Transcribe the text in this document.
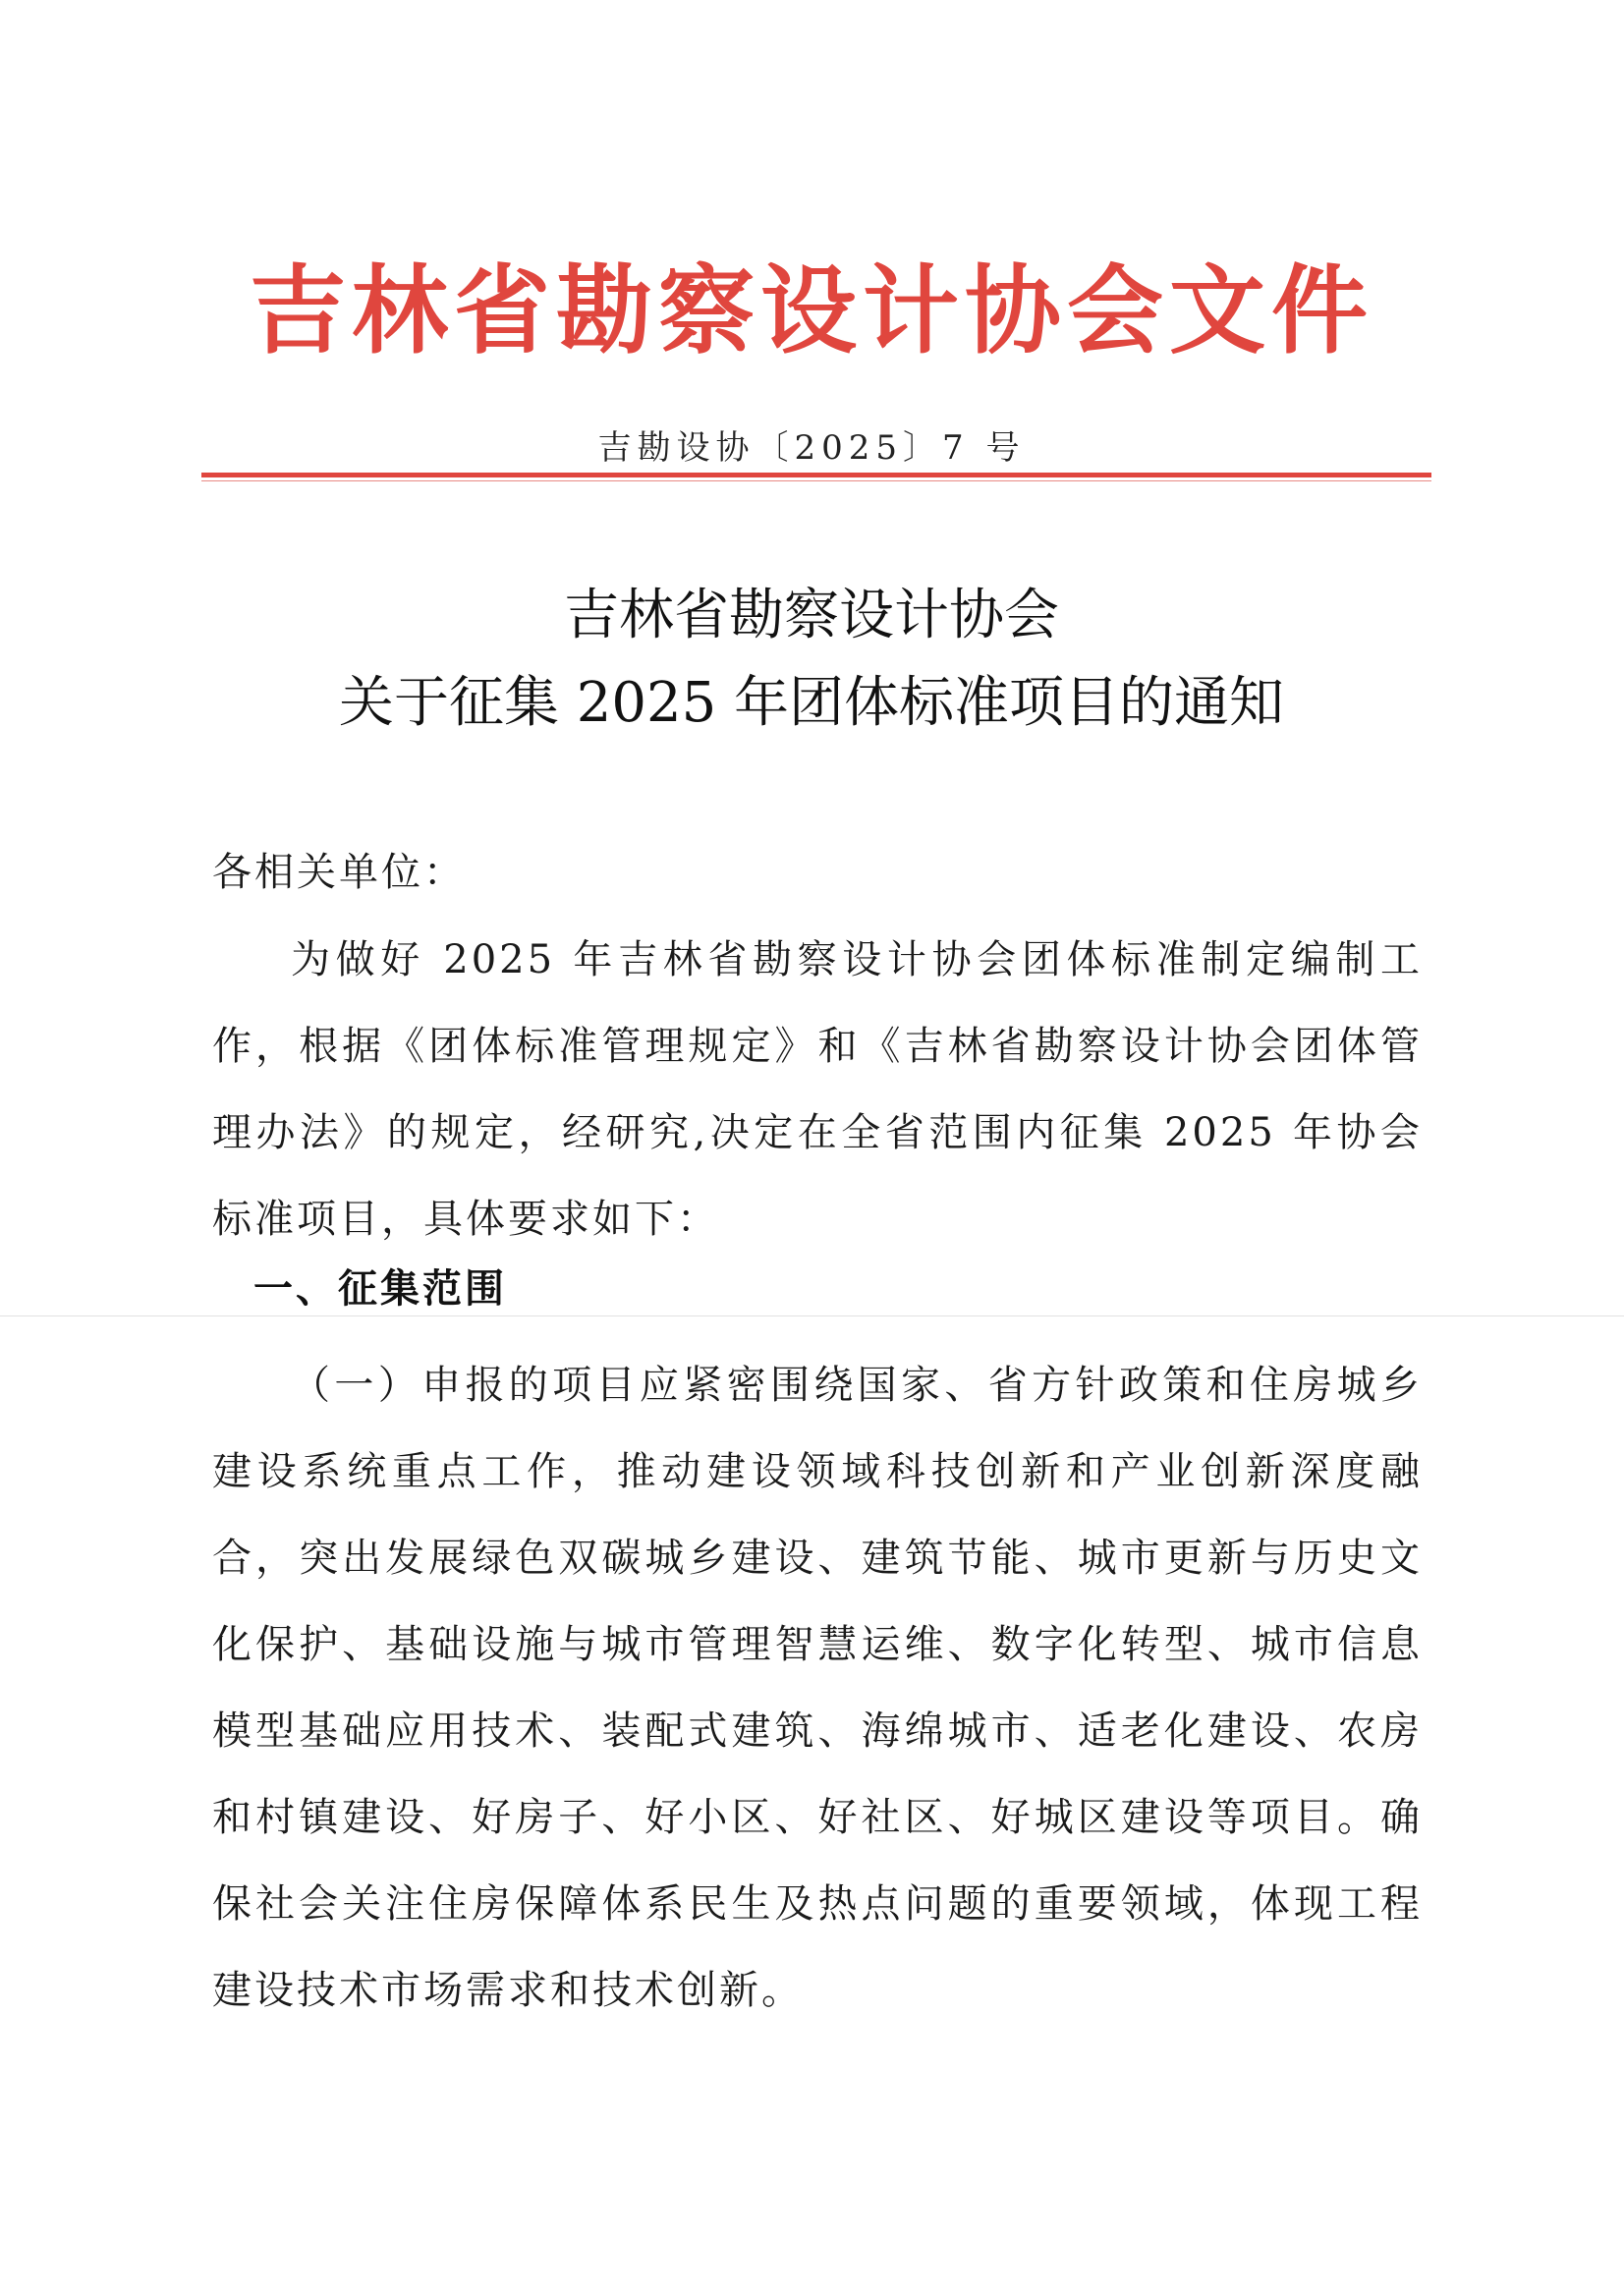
吉林省勘察设计协会文件
吉勘设协〔2025〕7 号
吉林省勘察设计协会
关于征集 2025 年团体标准项目的通知
各相关单位：
为做好 2025 年吉林省勘察设计协会团体标准制定编制工作，根据《团体标准管理规定》和《吉林省勘察设计协会团体管理办法》的规定，经研究,决定在全省范围内征集 2025 年协会标准项目，具体要求如下：
一、征集范围
（一）申报的项目应紧密围绕国家、省方针政策和住房城乡建设系统重点工作，推动建设领域科技创新和产业创新深度融合，突出发展绿色双碳城乡建设、建筑节能、城市更新与历史文化保护、基础设施与城市管理智慧运维、数字化转型、城市信息模型基础应用技术、装配式建筑、海绵城市、适老化建设、农房和村镇建设、好房子、好小区、好社区、好城区建设等项目。确保社会关注住房保障体系民生及热点问题的重要领域，体现工程建设技术市场需求和技术创新。
